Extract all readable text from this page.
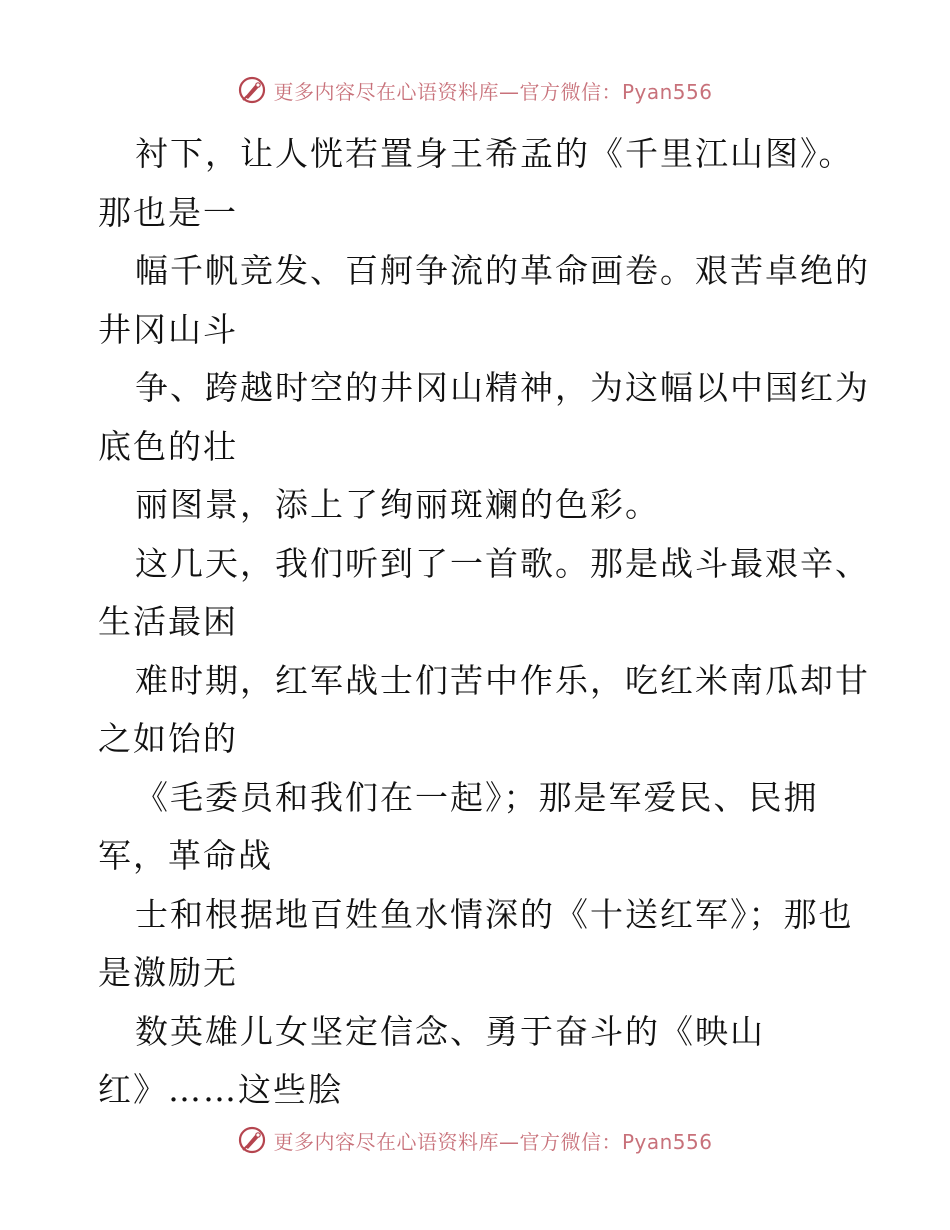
更多内容尽在心语资料库—官方微信：Pyan556
衬下，让人恍若置身王希孟的《千里江山图》。
那也是一
幅千帆竞发、百舸争流的革命画卷。艰苦卓绝的
井冈山斗
争、跨越时空的井冈山精神，为这幅以中国红为
底色的壮
丽图景，添上了绚丽斑斓的色彩。
这几天，我们听到了一首歌。那是战斗最艰辛、
生活最困
难时期，红军战士们苦中作乐，吃红米南瓜却甘
之如饴的
《毛委员和我们在一起》；那是军爱民、民拥
军，革命战
士和根据地百姓鱼水情深的《十送红军》；那也
是激励无
数英雄儿女坚定信念、勇于奋斗的《映山
红》……这些脍
更多内容尽在心语资料库—官方微信：Pyan556
